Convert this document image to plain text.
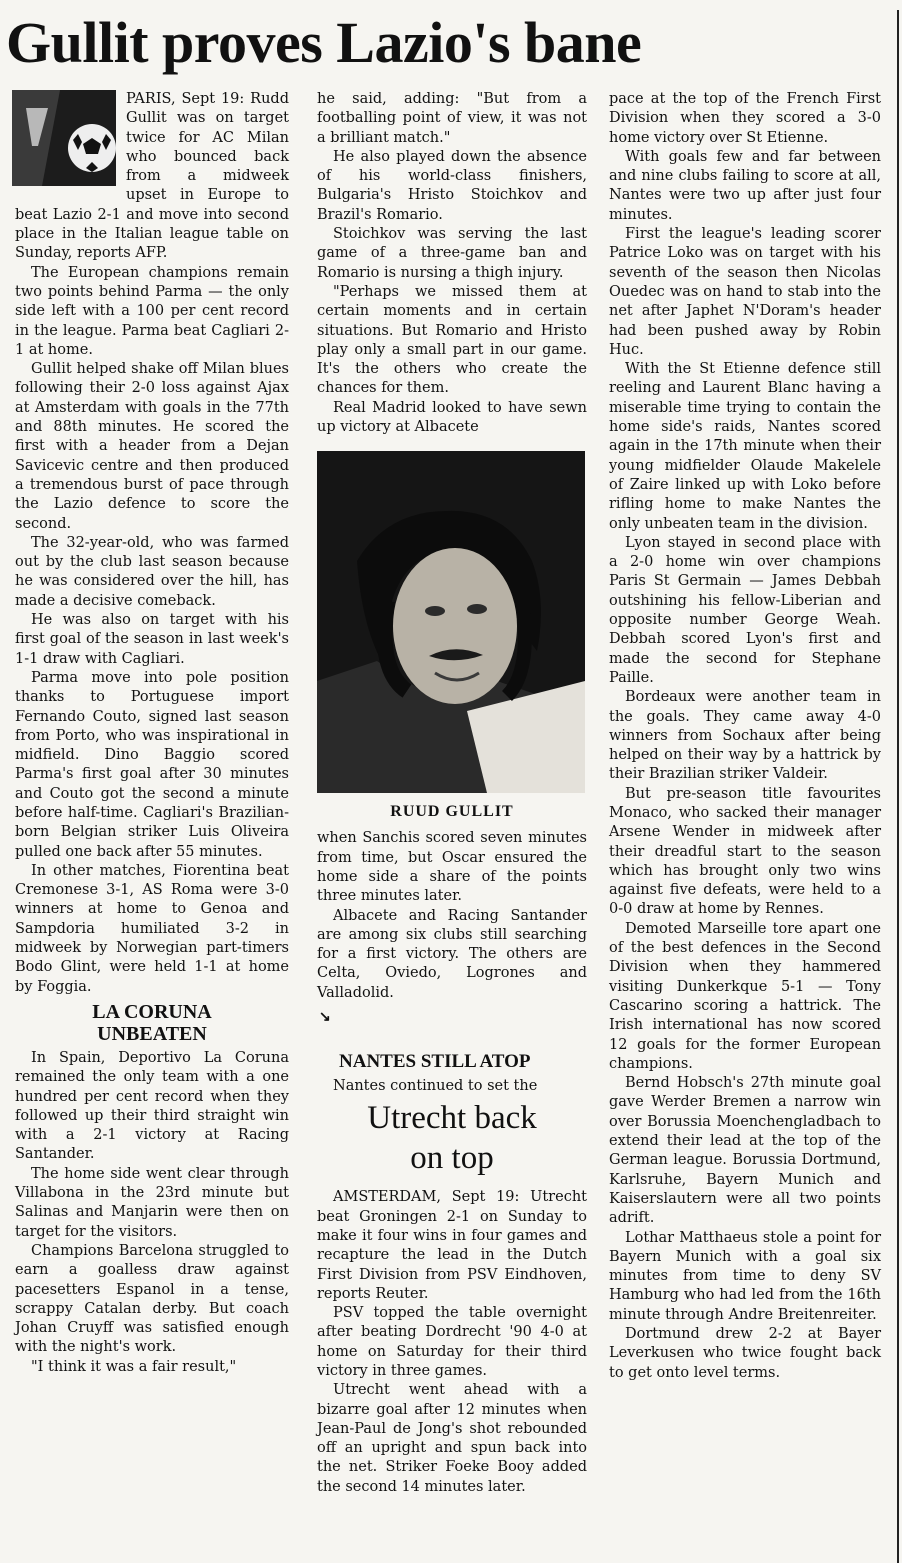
Gullit proves Lazio's bane

PARIS, Sept 19: Rudd Gullit was on target twice for AC Milan who bounced back from a midweek upset in Europe to beat Lazio 2-1 and move into second place in the Italian league table on Sunday, reports AFP.

The European champions remain two points behind Parma — the only side left with a 100 per cent record in the league. Parma beat Cagliari 2-1 at home.

Gullit helped shake off Milan blues following their 2-0 loss against Ajax at Amsterdam with goals in the 77th and 88th minutes. He scored the first with a header from a Dejan Savicevic centre and then produced a tremendous burst of pace through the Lazio defence to score the second.

The 32-year-old, who was farmed out by the club last season because he was considered over the hill, has made a decisive comeback.

He was also on target with his first goal of the season in last week's 1-1 draw with Cagliari.

Parma move into pole position thanks to Portuguese import Fernando Couto, signed last season from Porto, who was inspirational in midfield. Dino Baggio scored Parma's first goal after 30 minutes and Couto got the second a minute before half-time. Cagliari's Brazilian-born Belgian striker Luis Oliveira pulled one back after 55 minutes.

In other matches, Fiorentina beat Cremonese 3-1, AS Roma were 3-0 winners at home to Genoa and Sampdoria humiliated 3-2 in midweek by Norwegian part-timers Bodo Glint, were held 1-1 at home by Foggia.

LA CORUNA
UNBEATEN

In Spain, Deportivo La Coruna remained the only team with a one hundred per cent record when they followed up their third straight win with a 2-1 victory at Racing Santander.

The home side went clear through Villabona in the 23rd minute but Salinas and Manjarin were then on target for the visitors.

Champions Barcelona struggled to earn a goalless draw against pacesetters Espanol in a tense, scrappy Catalan derby. But coach Johan Cruyff was satisfied enough with the night's work.

"I think it was a fair result,"

he said, adding: "But from a footballing point of view, it was not a brilliant match."

He also played down the absence of his world-class finishers, Bulgaria's Hristo Stoichkov and Brazil's Romario.

Stoichkov was serving the last game of a three-game ban and Romario is nursing a thigh injury.

"Perhaps we missed them at certain moments and in certain situations. But Romario and Hristo play only a small part in our game. It's the others who create the chances for them.

Real Madrid looked to have sewn up victory at Albacete

RUUD GULLIT

when Sanchis scored seven minutes from time, but Oscar ensured the home side a share of the points three minutes later.

Albacete and Racing Santander are among six clubs still searching for a first victory. The others are Celta, Oviedo, Logrones and Valladolid.

↘

NANTES STILL ATOP

Nantes continued to set the

Utrecht back
on top

AMSTERDAM, Sept 19: Utrecht beat Groningen 2-1 on Sunday to make it four wins in four games and recapture the lead in the Dutch First Division from PSV Eindhoven, reports Reuter.

PSV topped the table overnight after beating Dordrecht '90 4-0 at home on Saturday for their third victory in three games.

Utrecht went ahead with a bizarre goal after 12 minutes when Jean-Paul de Jong's shot rebounded off an upright and spun back into the net. Striker Foeke Booy added the second 14 minutes later.

pace at the top of the French First Division when they scored a 3-0 home victory over St Etienne.

With goals few and far between and nine clubs failing to score at all, Nantes were two up after just four minutes.

First the league's leading scorer Patrice Loko was on target with his seventh of the season then Nicolas Ouedec was on hand to stab into the net after Japhet N'Doram's header had been pushed away by Robin Huc.

With the St Etienne defence still reeling and Laurent Blanc having a miserable time trying to contain the home side's raids, Nantes scored again in the 17th minute when their young midfielder Olaude Makelele of Zaire linked up with Loko before rifling home to make Nantes the only unbeaten team in the division.

Lyon stayed in second place with a 2-0 home win over champions Paris St Germain — James Debbah outshining his fellow-Liberian and opposite number George Weah. Debbah scored Lyon's first and made the second for Stephane Paille.

Bordeaux were another team in the goals. They came away 4-0 winners from Sochaux after being helped on their way by a hattrick by their Brazilian striker Valdeir.

But pre-season title favourites Monaco, who sacked their manager Arsene Wender in midweek after their dreadful start to the season which has brought only two wins against five defeats, were held to a 0-0 draw at home by Rennes.

Demoted Marseille tore apart one of the best defences in the Second Division when they hammered visiting Dunkerkque 5-1 — Tony Cascarino scoring a hattrick. The Irish international has now scored 12 goals for the former European champions.

Bernd Hobsch's 27th minute goal gave Werder Bremen a narrow win over Borussia Moenchengladbach to extend their lead at the top of the German league. Borussia Dortmund, Karlsruhe, Bayern Munich and Kaiserslautern were all two points adrift.

Lothar Matthaeus stole a point for Bayern Munich with a goal six minutes from time to deny SV Hamburg who had led from the 16th minute through Andre Breitenreiter.

Dortmund drew 2-2 at Bayer Leverkusen who twice fought back to get onto level terms.
